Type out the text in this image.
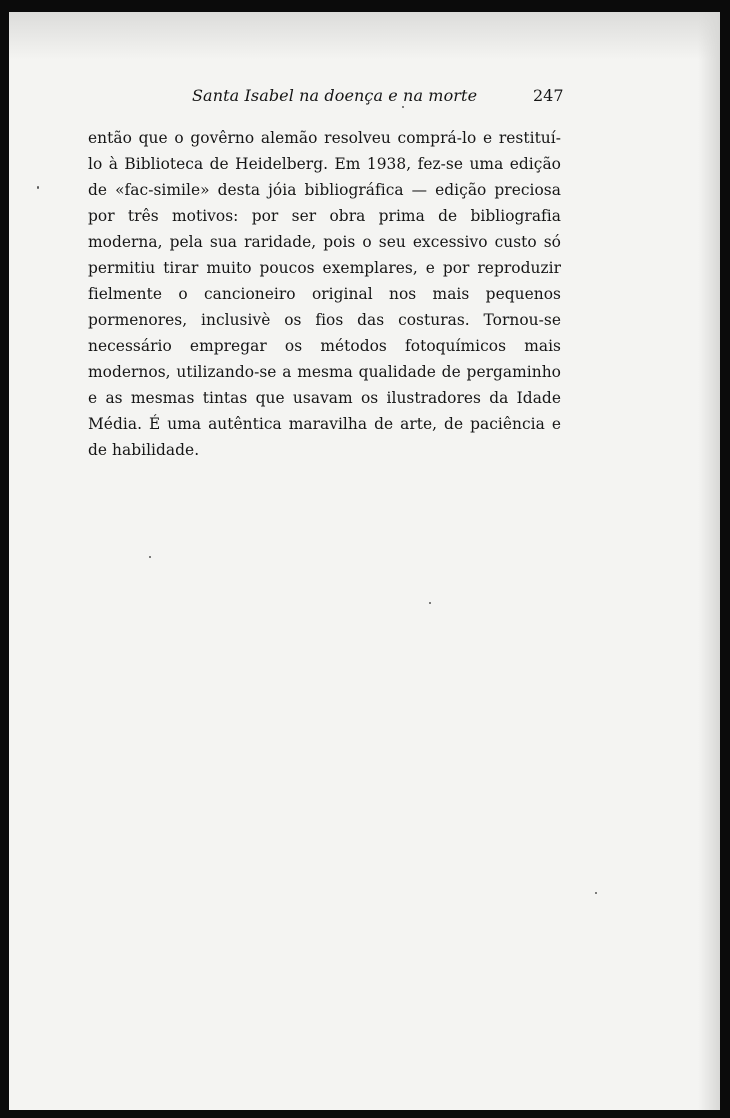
Santa Isabel na doença e na morte	247

então que o govêrno alemão resolveu comprá-lo e restituí-lo à Biblioteca de Heidelberg. Em 1938, fez-se uma edição de «fac-simile» desta jóia bibliográfica — edição preciosa por três motivos: por ser obra prima de bibliografia moderna, pela sua raridade, pois o seu excessivo custo só permitiu tirar muito poucos exemplares, e por reproduzir fielmente o cancioneiro original nos mais pequenos pormenores, inclusivè os fios das costuras. Tornou-se necessário empregar os métodos fotoquímicos mais modernos, utilizando-se a mesma qualidade de pergaminho e as mesmas tintas que usavam os ilustradores da Idade Média. É uma autêntica maravilha de arte, de paciência e de habilidade.
